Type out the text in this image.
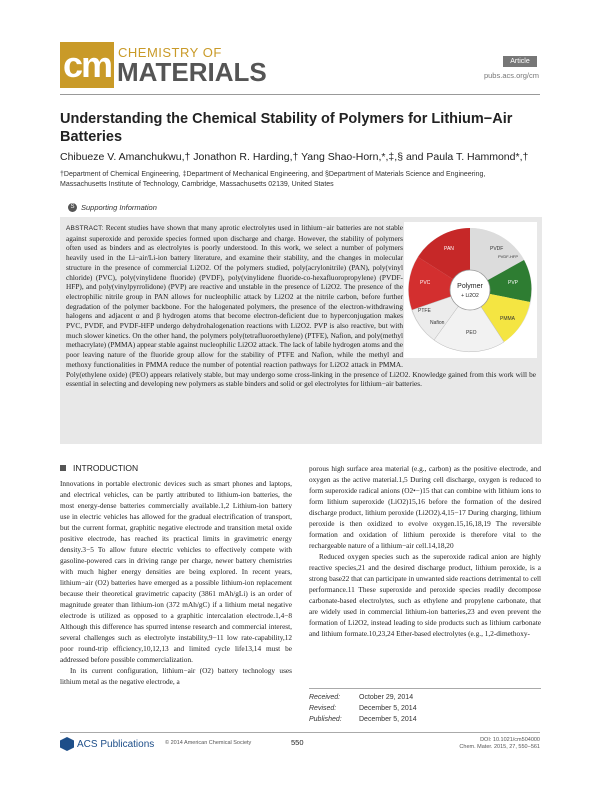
cm CHEMISTRY OF
MATERIALS	Article
pubs.acs.org/cm
Understanding the Chemical Stability of Polymers for Lithium−Air Batteries
Chibueze V. Amanchukwu,† Jonathon R. Harding,† Yang Shao-Horn,*,‡,§ and Paula T. Hammond*,†
†Department of Chemical Engineering, ‡Department of Mechanical Engineering, and §Department of Materials Science and Engineering, Massachusetts Institute of Technology, Cambridge, Massachusetts 02139, United States
S Supporting Information
ABSTRACT: Recent studies have shown that many aprotic electrolytes used in lithium−air batteries are not stable against superoxide and peroxide species formed upon discharge and charge. However, the stability of polymers often used as binders and as electrolytes is poorly understood. In this work, we select a number of polymers heavily used in the Li−air/Li-ion battery literature, and examine their stability, and the changes in molecular structure in the presence of commercial Li2O2. Of the polymers studied, poly(acrylonitrile) (PAN), poly(vinyl chloride) (PVC), poly(vinylidene fluoride) (PVDF), poly(vinylidene fluoride-co-hexafluoropropylene) (PVDF-HFP), and poly(vinylpyrrolidone) (PVP) are reactive and unstable in the presence of Li2O2. The presence of the electrophilic nitrile group in PAN allows for nucleophilic attack by Li2O2 at the nitrile carbon, before further degradation of the polymer backbone. For the halogenated polymers, the presence of the electron-withdrawing halogens and adjacent α and β hydrogen atoms that become electron-deficient due to hyperconjugation makes PVC, PVDF, and PVDF-HFP undergo dehydrohalogenation reactions with Li2O2. PVP is also reactive, but with much slower kinetics. On the other hand, the polymers poly(tetrafluoroethylene) (PTFE), Nafion, and poly(methyl methacrylate) (PMMA) appear stable against nucleophilic Li2O2 attack. The lack of labile hydrogen atoms and the poor leaving nature of the fluoride group allow for the stability of PTFE and Nafion, while the methyl and methoxy functionalities in PMMA reduce the number of potential reaction pathways for Li2O2 attack in PMMA. Poly(ethylene oxide) (PEO) appears relatively stable, but may undergo some cross-linking in the presence of Li2O2. Knowledge gained from this work will be essential in selecting and developing new polymers as stable binders and solid or gel electrolytes for lithium−air batteries.
Polymer
+ Li2O2
PAN
PVC
PVDF
PVDF-HFP
PVP
PMMA
PEO
Nafion
PTFE
INTRODUCTION

Innovations in portable electronic devices such as smart phones and laptops, and electrical vehicles, can be partly attributed to lithium-ion batteries, the most energy-dense batteries commercially available.1,2 Lithium-ion battery use in electric vehicles has allowed for the gradual electrification of transport, but the current format, graphitic negative electrode and transition metal oxide positive electrode, has reached its practical limits in gravimetric energy density.3−5 To allow future electric vehicles to effectively compete with gasoline-powered cars in driving range per charge, newer battery chemistries with much higher energy densities are being explored. In recent years, lithium−air (O2) batteries have emerged as a possible lithium-ion replacement because their theoretical gravimetric capacity (3861 mAh/gLi) is an order of magnitude greater than lithium-ion (372 mAh/gC) if a lithium metal negative electrode is utilized as opposed to a graphitic intercalation electrode.1,4−8 Although this difference has spurred intense research and commercial interest, several challenges such as electrolyte instability,9−11 low rate-capability,12 poor round-trip efficiency,10,12,13 and limited cycle life13,14 must be addressed before possible commercialization.

In its current configuration, lithium−air (O2) battery technology uses lithium metal as the negative electrode, a

porous high surface area material (e.g., carbon) as the positive electrode, and oxygen as the active material.1,5 During cell discharge, oxygen is reduced to form superoxide radical anions (O2•−)15 that can combine with lithium ions to form lithium superoxide (LiO2)15,16 before the formation of the desired discharge product, lithium peroxide (Li2O2).4,15−17 During charging, lithium peroxide is then oxidized to evolve oxygen.15,16,18,19 The reversible formation and oxidation of lithium peroxide is therefore vital to the rechargeable nature of a lithium−air cell.14,18,20

Reduced oxygen species such as the superoxide radical anion are highly reactive species,21 and the desired discharge product, lithium peroxide, is a strong base22 that can participate in unwanted side reactions detrimental to cell performance.11 These superoxide and peroxide species readily decompose carbonate-based electrolytes, such as ethylene and propylene carbonate, that are widely used in commercial lithium-ion batteries,23 and even prevent the formation of Li2O2, instead leading to side products such as lithium carbonate and lithium formate.10,23,24 Ether-based electrolytes (e.g., 1,2-dimethoxy-

Received:	October 29, 2014
Revised:	December 5, 2014
Published:	December 5, 2014
ACS Publications © 2014 American Chemical Society	550	DOI: 10.1021/cm504000
Chem. Mater. 2015, 27, 550−561
